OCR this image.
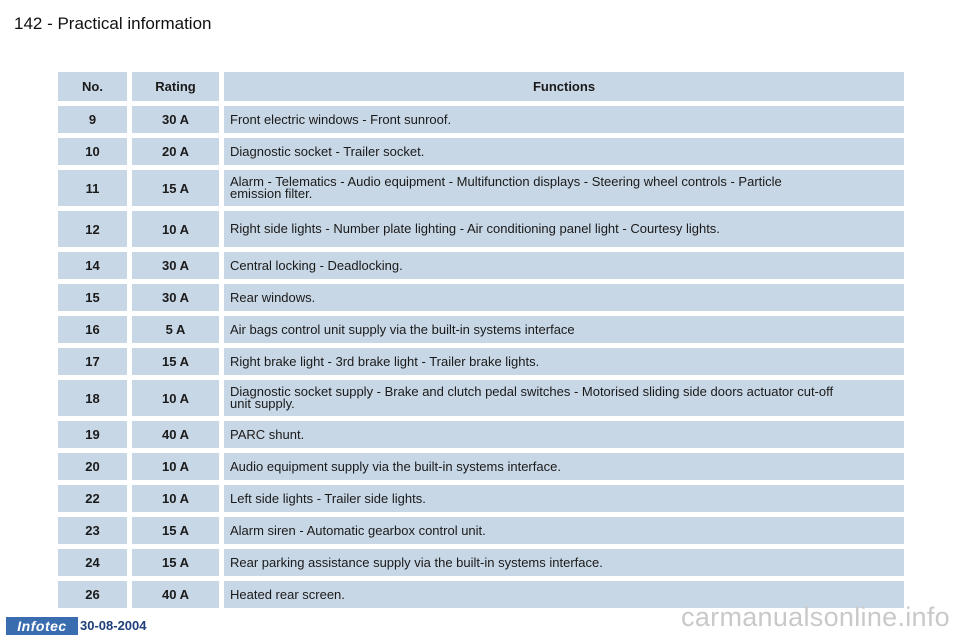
142 - Practical information
No.	Rating	Functions
9	30 A	Front electric windows - Front sunroof.
10	20 A	Diagnostic socket - Trailer socket.
11	15 A	Alarm - Telematics - Audio equipment - Multifunction displays - Steering wheel controls - Particle emission filter.
12	10 A	Right side lights - Number plate lighting - Air conditioning panel light - Courtesy lights.
14	30 A	Central locking - Deadlocking.
15	30 A	Rear windows.
16	5 A	Air bags control unit supply via the built-in systems interface
17	15 A	Right brake light - 3rd brake light - Trailer brake lights.
18	10 A	Diagnostic socket supply - Brake and clutch pedal switches - Motorised sliding side doors actuator cut-off unit supply.
19	40 A	PARC shunt.
20	10 A	Audio equipment supply via the built-in systems interface.
22	10 A	Left side lights - Trailer side lights.
23	15 A	Alarm siren - Automatic gearbox control unit.
24	15 A	Rear parking assistance supply via the built-in systems interface.
26	40 A	Heated rear screen.
Infotec	30-08-2004	carmanualsonline.info
